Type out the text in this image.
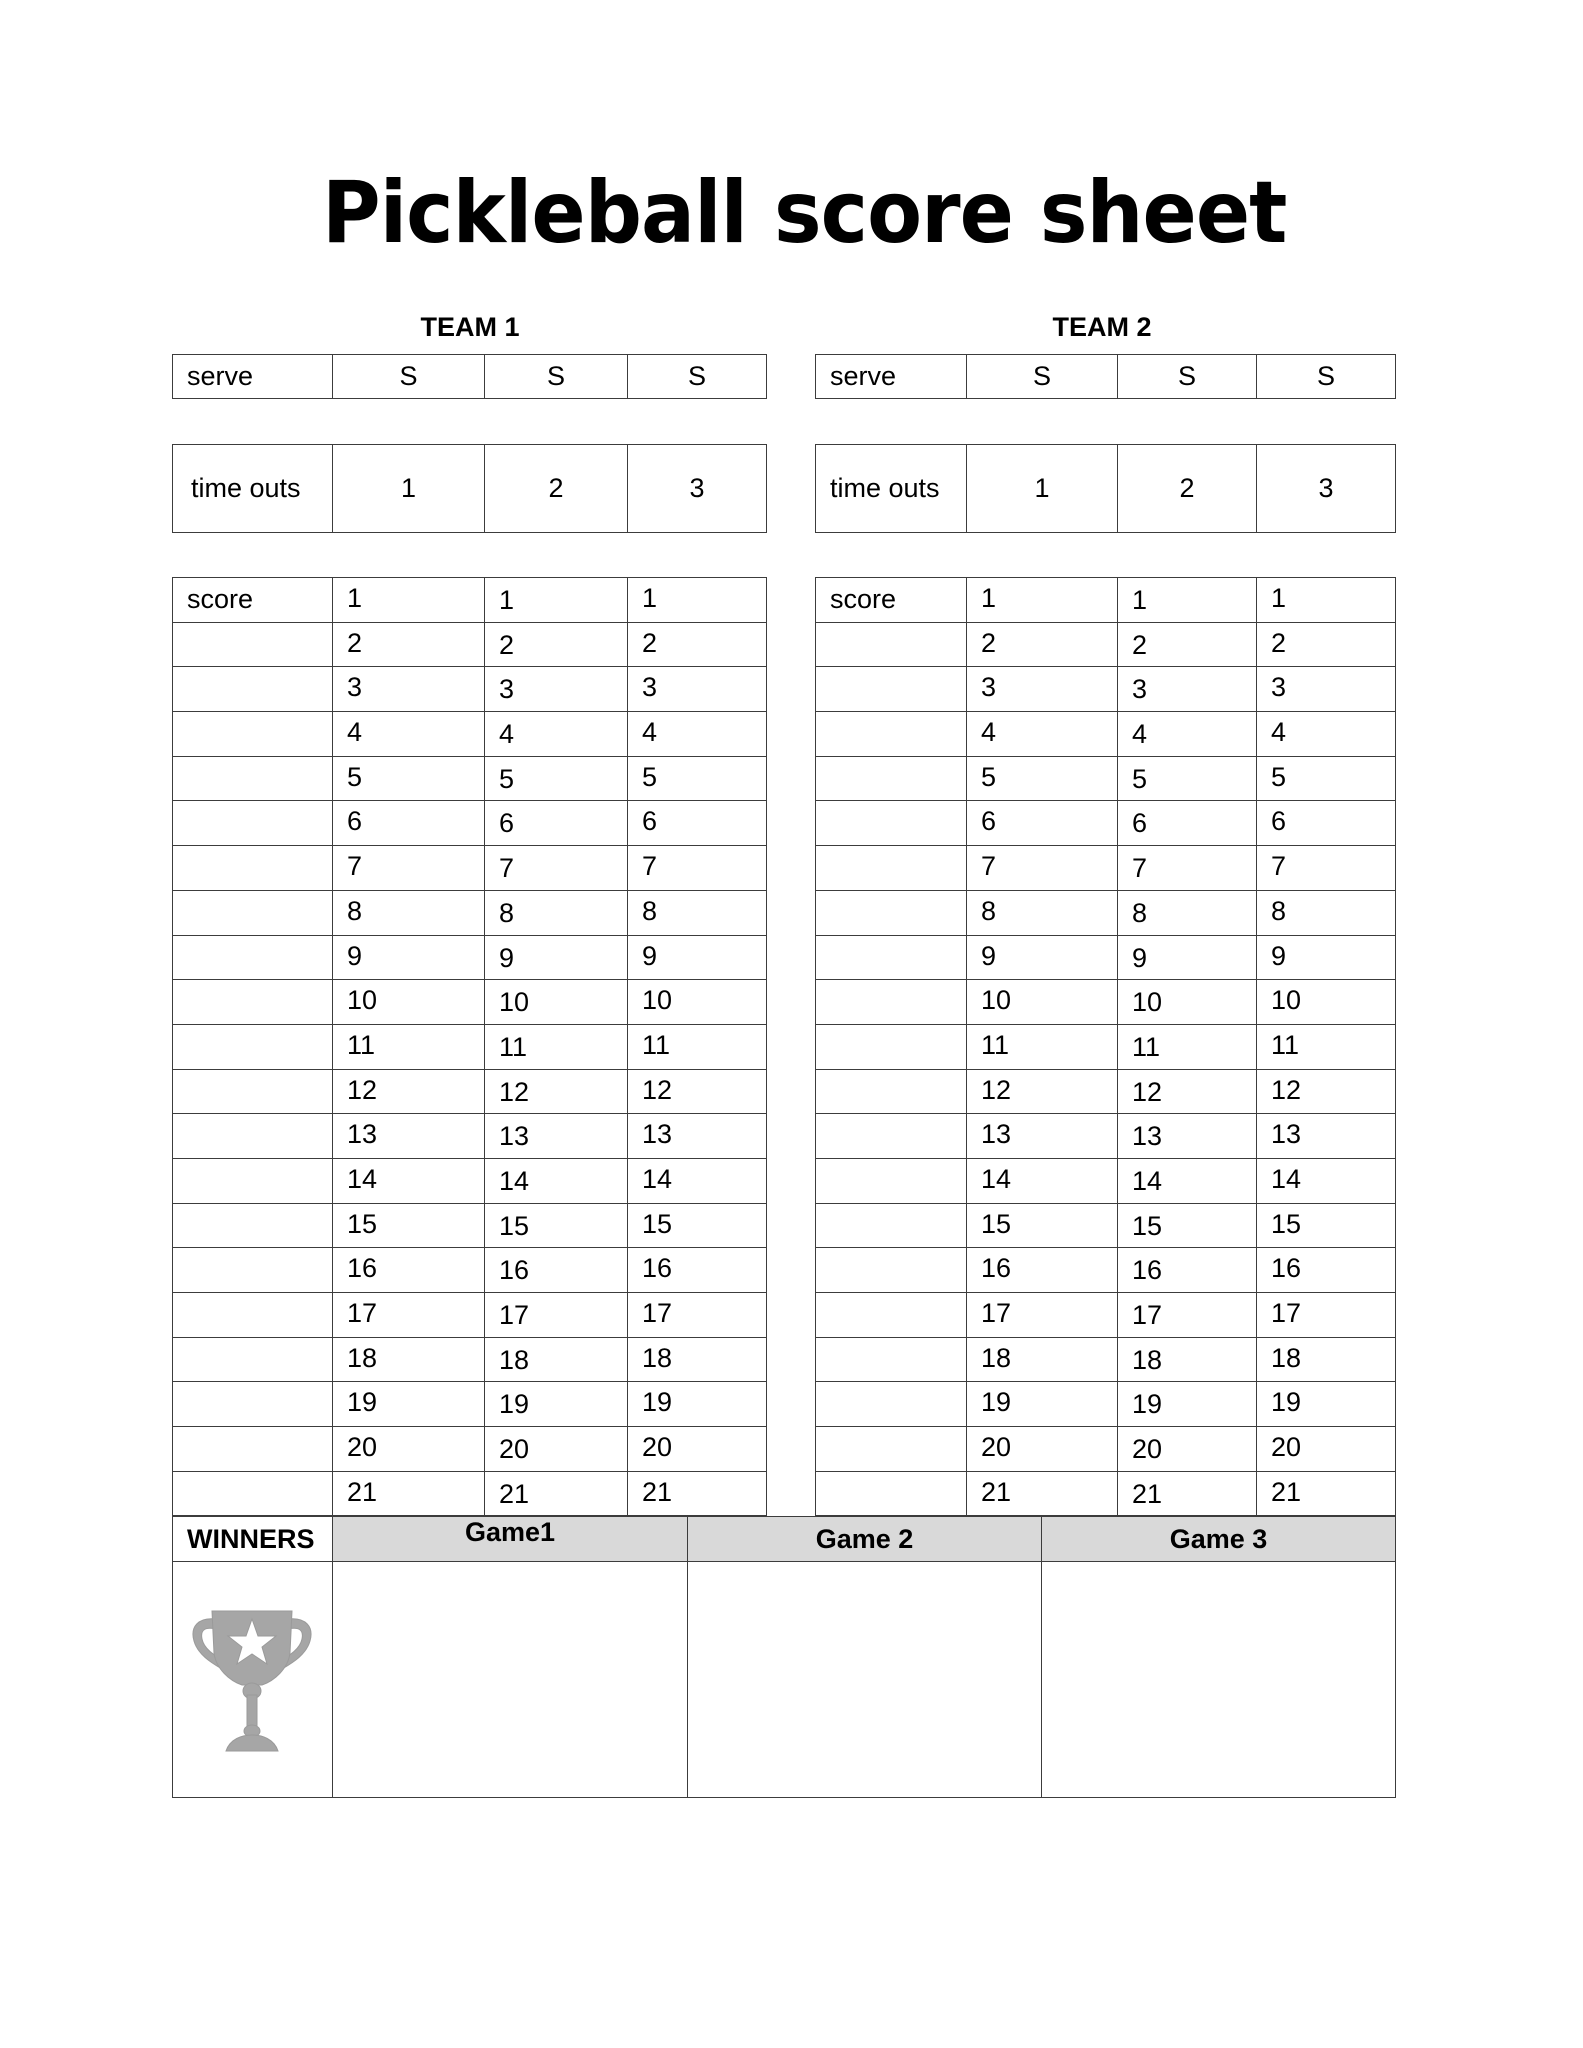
Pickleball score sheet
TEAM 1	TEAM 2
serve	S	S	S	serve	S	S	S
time outs	1	2	3	time outs	1	2	3
score	1	1	1
	2	2	2
	3	3	3
	4	4	4
	5	5	5
	6	6	6
	7	7	7
	8	8	8
	9	9	9
	10	10	10
	11	11	11
	12	12	12
	13	13	13
	14	14	14
	15	15	15
	16	16	16
	17	17	17
	18	18	18
	19	19	19
	20	20	20
	21	21	21
score	1	1	1
	2	2	2
	3	3	3
	4	4	4
	5	5	5
	6	6	6
	7	7	7
	8	8	8
	9	9	9
	10	10	10
	11	11	11
	12	12	12
	13	13	13
	14	14	14
	15	15	15
	16	16	16
	17	17	17
	18	18	18
	19	19	19
	20	20	20
	21	21	21
WINNERS	Game1	Game 2	Game 3
